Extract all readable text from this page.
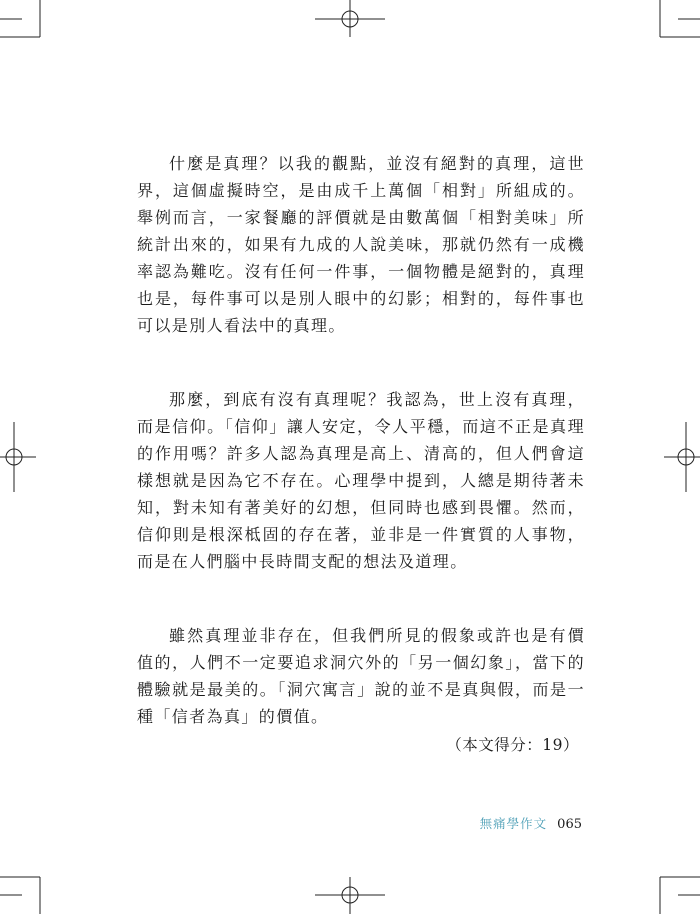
什麼是真理？以我的觀點，並沒有絕對的真理，這世界，這個虛擬時空，是由成千上萬個「相對」所組成的。舉例而言，一家餐廳的評價就是由數萬個「相對美味」所統計出來的，如果有九成的人說美味，那就仍然有一成機率認為難吃。沒有任何一件事，一個物體是絕對的，真理也是，每件事可以是別人眼中的幻影；相對的，每件事也可以是別人看法中的真理。

那麼，到底有沒有真理呢？我認為，世上沒有真理，而是信仰。「信仰」讓人安定，令人平穩，而這不正是真理的作用嗎？許多人認為真理是高上、清高的，但人們會這樣想就是因為它不存在。心理學中提到，人總是期待著未知，對未知有著美好的幻想，但同時也感到畏懼。然而，信仰則是根深柢固的存在著，並非是一件實質的人事物，而是在人們腦中長時間支配的想法及道理。

雖然真理並非存在，但我們所見的假象或許也是有價值的，人們不一定要追求洞穴外的「另一個幻象」，當下的體驗就是最美的。「洞穴寓言」說的並不是真與假，而是一種「信者為真」的價值。

（本文得分：19）
無痛學作文 065
